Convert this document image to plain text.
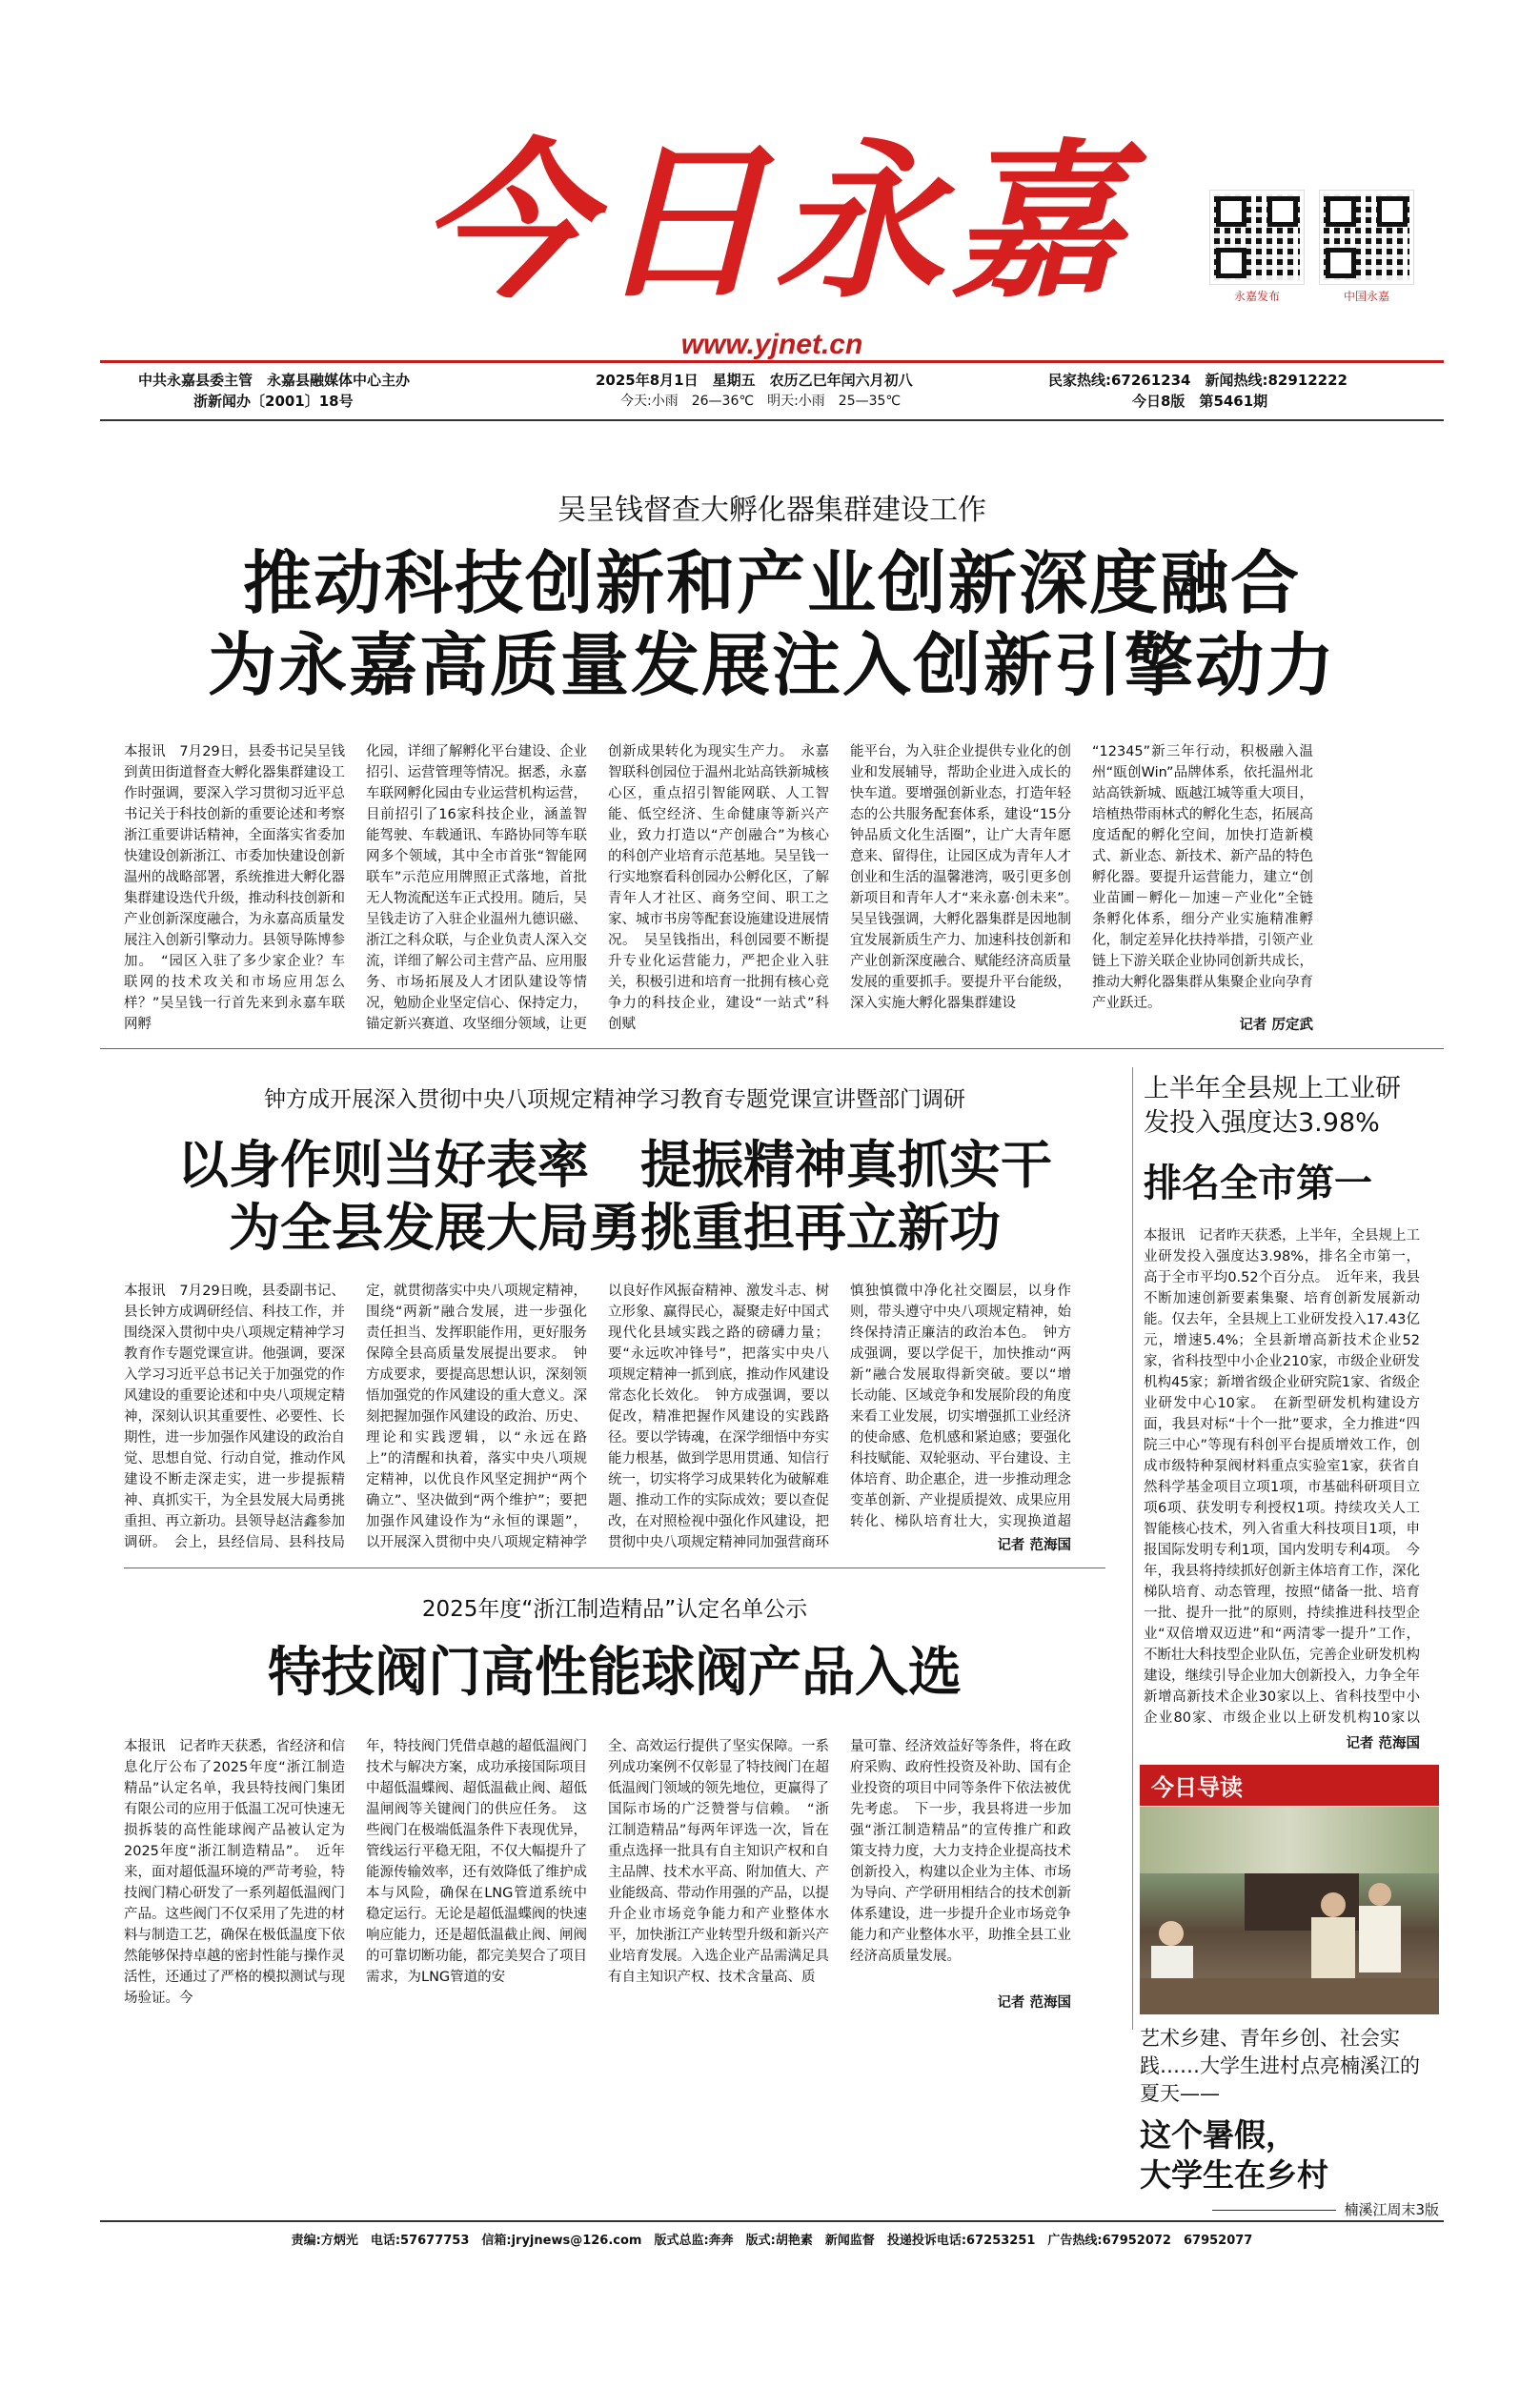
今日永嘉	永嘉发布	中国永嘉
www.yjnet.cn
中共永嘉县委主管　永嘉县融媒体中心主办
浙新闻办〔2001〕18号
2025年8月1日　星期五　农历乙巳年闰六月初八
今天:小雨　26—36℃　明天:小雨　25—35℃
民家热线:67261234　新闻热线:82912222
今日8版　第5461期
吴呈钱督查大孵化器集群建设工作
推动科技创新和产业创新深度融合
为永嘉高质量发展注入创新引擎动力
本报讯　7月29日，县委书记吴呈钱到黄田街道督查大孵化器集群建设工作时强调，要深入学习贯彻习近平总书记关于科技创新的重要论述和考察浙江重要讲话精神，全面落实省委加快建设创新浙江、市委加快建设创新温州的战略部署，系统推进大孵化器集群建设迭代升级，推动科技创新和产业创新深度融合，为永嘉高质量发展注入创新引擎动力。县领导陈博参加。　“园区入驻了多少家企业？车联网的技术攻关和市场应用怎么样？”吴呈钱一行首先来到永嘉车联网孵
化园，详细了解孵化平台建设、企业招引、运营管理等情况。据悉，永嘉车联网孵化园由专业运营机构运营，目前招引了16家科技企业，涵盖智能驾驶、车载通讯、车路协同等车联网多个领域，其中全市首张“智能网联车”示范应用牌照正式落地，首批无人物流配送车正式投用。随后，吴呈钱走访了入驻企业温州九德识磁、浙江之科众联，与企业负责人深入交流，详细了解公司主营产品、应用服务、市场拓展及人才团队建设等情况，勉励企业坚定信心、保持定力，锚定新兴赛道、攻坚细分领域，让更
创新成果转化为现实生产力。　永嘉智联科创园位于温州北站高铁新城核心区，重点招引智能网联、人工智能、低空经济、生命健康等新兴产业，致力打造以“产创融合”为核心的科创产业培育示范基地。吴呈钱一行实地察看科创园办公孵化区，了解青年人才社区、商务空间、职工之家、城市书房等配套设施建设进展情况。　吴呈钱指出，科创园要不断提升专业化运营能力，严把企业入驻关，积极引进和培育一批拥有核心竞争力的科技企业，建设“一站式”科创赋
能平台，为入驻企业提供专业化的创业和发展辅导，帮助企业进入成长的快车道。要增强创新业态，打造年轻态的公共服务配套体系，建设“15分钟品质文化生活圈”，让广大青年愿意来、留得住，让园区成为青年人才创业和生活的温馨港湾，吸引更多创新项目和青年人才“来永嘉·创未来”。　吴呈钱强调，大孵化器集群是因地制宜发展新质生产力、加速科技创新和产业创新深度融合、赋能经济高质量发展的重要抓手。要提升平台能级，深入实施大孵化器集群建设
“12345”新三年行动，积极融入温州“瓯创Win”品牌体系，依托温州北站高铁新城、瓯越江城等重大项目，培植热带雨林式的孵化生态，拓展高度适配的孵化空间，加快打造新模式、新业态、新技术、新产品的特色孵化器。要提升运营能力，建立“创业苗圃－孵化－加速－产业化”全链条孵化体系，细分产业实施精准孵化，制定差异化扶持举措，引领产业链上下游关联企业协同创新共成长，推动大孵化器集群从集聚企业向孕育产业跃迁。
记者 厉定武
钟方成开展深入贯彻中央八项规定精神学习教育专题党课宣讲暨部门调研
以身作则当好表率　提振精神真抓实干
为全县发展大局勇挑重担再立新功
本报讯　7月29日晚，县委副书记、县长钟方成调研经信、科技工作，并围绕深入贯彻中央八项规定精神学习教育作专题党课宣讲。他强调，要深入学习习近平总书记关于加强党的作风建设的重要论述和中央八项规定精神，深刻认识其重要性、必要性、长期性，进一步加强作风建设的政治自觉、思想自觉、行动自觉，推动作风建设不断走深走实，进一步提振精神、真抓实干，为全县发展大局勇挑重担、再立新功。县领导赵洁鑫参加调研。　会上，县经信局、县科技局
定，就贯彻落实中央八项规定精神，围绕“两新”融合发展，进一步强化责任担当、发挥职能作用，更好服务保障全县高质量发展提出要求。　钟方成要求，要提高思想认识，深刻领悟加强党的作风建设的重大意义。深刻把握加强作风建设的政治、历史、理论和实践逻辑，以“永远在路上”的清醒和执着，落实中央八项规定精神，以优良作风坚定拥护“两个确立”、坚决做到“两个维护”；要把加强作风建设作为“永恒的课题”，以开展深入贯彻中央八项规定精神学
以良好作风振奋精神、激发斗志、树立形象、赢得民心，凝聚走好中国式现代化县域实践之路的磅礴力量；要“永远吹冲锋号”，把落实中央八项规定精神一抓到底，推动作风建设常态化长效化。　钟方成强调，要以促改，精准把握作风建设的实践路径。要以学铸魂，在深学细悟中夯实能力根基，做到学思用贯通、知信行统一，切实将学习成果转化为破解难题、推动工作的实际成效；要以查促改，在对照检视中强化作风建设，把贯彻中央八项规定精神同加强营商环
慎独慎微中净化社交圈层，以身作则，带头遵守中央八项规定精神，始终保持清正廉洁的政治本色。　钟方成强调，要以学促干，加快推动“两新”融合发展取得新突破。要以“增长动能、区域竞争和发展阶段的角度来看工业发展，切实增强抓工业经济的使命感、危机感和紧迫感；要强化科技赋能、双轮驱动、平台建设、主体培育、助企惠企，进一步推动理念变革创新、产业提质提效、成果应用转化、梯队培育壮大，实现换道超
记者 范海国
2025年度“浙江制造精品”认定名单公示
特技阀门高性能球阀产品入选
本报讯　记者昨天获悉，省经济和信息化厅公布了2025年度“浙江制造精品”认定名单，我县特技阀门集团有限公司的应用于低温工况可快速无损拆装的高性能球阀产品被认定为2025年度“浙江制造精品”。　近年来，面对超低温环境的严苛考验，特技阀门精心研发了一系列超低温阀门产品。这些阀门不仅采用了先进的材料与制造工艺，确保在极低温度下依然能够保持卓越的密封性能与操作灵活性，还通过了严格的模拟测试与现场验证。今
年，特技阀门凭借卓越的超低温阀门技术与解决方案，成功承接国际项目中超低温蝶阀、超低温截止阀、超低温闸阀等关键阀门的供应任务。　这些阀门在极端低温条件下表现优异，管线运行平稳无阻，不仅大幅提升了能源传输效率，还有效降低了维护成本与风险，确保在LNG管道系统中稳定运行。无论是超低温蝶阀的快速响应能力，还是超低温截止阀、闸阀的可靠切断功能，都完美契合了项目需求，为LNG管道的安
全、高效运行提供了坚实保障。一系列成功案例不仅彰显了特技阀门在超低温阀门领域的领先地位，更赢得了国际市场的广泛赞誉与信赖。　“浙江制造精品”每两年评选一次，旨在重点选择一批具有自主知识产权和自主品牌、技术水平高、附加值大、产业能级高、带动作用强的产品，以提升企业市场竞争能力和产业整体水平，加快浙江产业转型升级和新兴产业培育发展。入选企业产品需满足具有自主知识产权、技术含量高、质
量可靠、经济效益好等条件，将在政府采购、政府性投资及补助、国有企业投资的项目中同等条件下依法被优先考虑。　下一步，我县将进一步加强“浙江制造精品”的宣传推广和政策支持力度，大力支持企业提高技术创新投入，构建以企业为主体、市场为导向、产学研用相结合的技术创新体系建设，进一步提升企业市场竞争能力和产业整体水平，助推全县工业经济高质量发展。
记者 范海国
上半年全县规上工业研
发投入强度达3.98%
排名全市第一
本报讯　记者昨天获悉，上半年，全县规上工业研发投入强度达3.98%，排名全市第一，高于全市平均0.52个百分点。　近年来，我县不断加速创新要素集聚、培育创新发展新动能。仅去年，全县规上工业研发投入17.43亿元，增速5.4%；全县新增高新技术企业52家，省科技型中小企业210家，市级企业研发机构45家；新增省级企业研究院1家、省级企业研发中心10家。　在新型研发机构建设方面，我县对标“十个一批”要求，全力推进“四院三中心”等现有科创平台提质增效工作，创成市级特种泵阀材料重点实验室1家，获省自然科学基金项目立项1项，市基础科研项目立项6项、获发明专利授权1项。持续攻关人工智能核心技术，列入省重大科技项目1项，申报国际发明专利1项，国内发明专利4项。　今年，我县将持续抓好创新主体培育工作，深化梯队培育、动态管理，按照“储备一批、培育一批、提升一批”的原则，持续推进科技型企业“双倍增双迈进”和“两清零一提升”工作，不断壮大科技型企业队伍，完善企业研发机构建设，继续引导企业加大创新投入，力争全年新增高新技术企业30家以上、省科技型中小企业80家、市级企业以上研发机构10家以
记者 范海国
今日导读
艺术乡建、青年乡创、社会实践……大学生进村点亮楠溪江的夏天——
这个暑假，
大学生在乡村
楠溪江周末3版
责编:方炳光　电话:57677753　信箱:jryjnews@126.com　版式总监:奔奔　版式:胡艳素　新闻监督　投递投诉电话:67253251　广告热线:67952072　67952077
